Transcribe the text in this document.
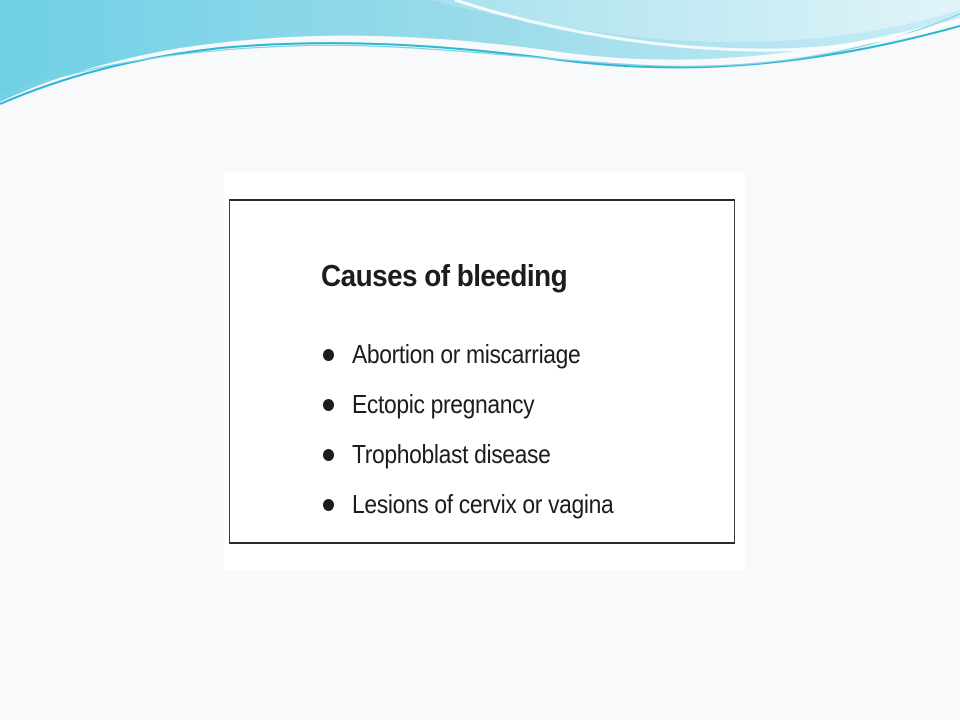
Causes of bleeding
Abortion or miscarriage
Ectopic pregnancy
Trophoblast disease
Lesions of cervix or vagina
